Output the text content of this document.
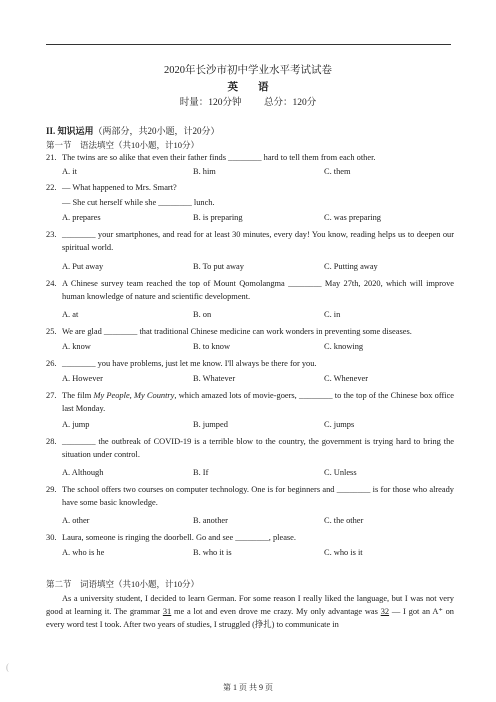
2020年长沙市初中学业水平考试试卷
英语
时量：120分钟 总分：120分
II. 知识运用（两部分，共20小题，计20分）
第一节　语法填空（共10小题，计10分）
21. The twins are so alike that even their father finds ________ hard to tell them from each other.
A. it	B. him	C. them
22. — What happened to Mrs. Smart?
— She cut herself while she ________ lunch.
A. prepares	B. is preparing	C. was preparing
23. ________ your smartphones, and read for at least 30 minutes, every day! You know, reading helps us to deepen our spiritual world.
A. Put away	B. To put away	C. Putting away
24. A Chinese survey team reached the top of Mount Qomolangma ________ May 27th, 2020, which will improve human knowledge of nature and scientific development.
A. at	B. on	C. in
25. We are glad ________ that traditional Chinese medicine can work wonders in preventing some diseases.
A. know	B. to know	C. knowing
26. ________ you have problems, just let me know. I'll always be there for you.
A. However	B. Whatever	C. Whenever
27. The film My People, My Country, which amazed lots of movie-goers, ________ to the top of the Chinese box office last Monday.
A. jump	B. jumped	C. jumps
28. ________ the outbreak of COVID-19 is a terrible blow to the country, the government is trying hard to bring the situation under control.
A. Although	B. If	C. Unless
29. The school offers two courses on computer technology. One is for beginners and ________ is for those who already have some basic knowledge.
A. other	B. another	C. the other
30. Laura, someone is ringing the doorbell. Go and see ________, please.
A. who is he	B. who it is	C. who is it
第二节　词语填空（共10小题，计10分）
As a university student, I decided to learn German. For some reason I really liked the language, but I was not very good at learning it. The grammar 31 me a lot and even drove me crazy. My only advantage was 32 — I got an A⁺ on every word test I took. After two years of studies, I struggled (挣扎) to communicate in
(
第 1 页 共 9 页
